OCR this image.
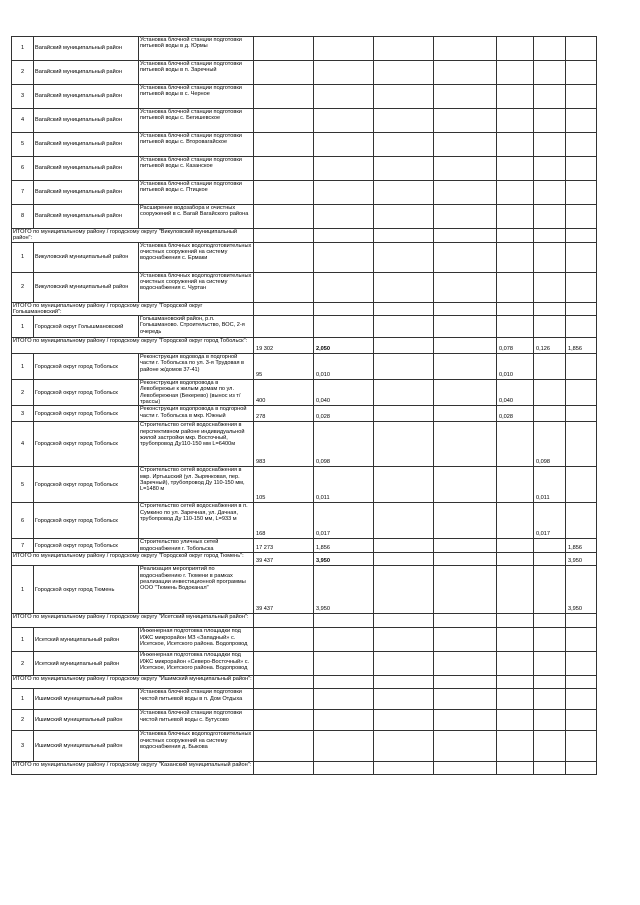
1	Вагайский муниципальный район	Установка блочной станции подготовки питьевой воды в д. Юрмы							
2	Вагайский муниципальный район	Установка блочной станции подготовки питьевой воды в п. Заречный							
3	Вагайский муниципальный район	Установка блочной станции подготовки питьевой воды в с. Черное							
4	Вагайский муниципальный район	Установка блочной станции подготовки питьевой воды с. Бегишевское							
5	Вагайский муниципальный район	Установка блочной станции подготовки питьевой воды с. Второвагайское							
6	Вагайский муниципальный район	Установка блочной станции подготовки питьевой воды с. Казанское							
7	Вагайский муниципальный район	Установка блочной станции подготовки питьевой воды с. Птицкое							
8	Вагайский муниципальный район	Расширение водозабора и очистных сооружений в с. Вагай Вагайского района							
ИТОГО по муниципальному району / городскому округу "Викуловский муниципальный район":									
1	Викуловский муниципальный район	Установка блочных водоподготовительных очистных сооружений на систему водоснабжения с. Ермаки							
2	Викуловский муниципальный район	Установка блочных водоподготовительных очистных сооружений на систему водоснабжения с. Чуртан							
ИТОГО по муниципальному району / городскому округу "Городской округ Голышмановский":									
1	Городской округ Голышмановский	Голышмановский район, р.п. Голышманово. Строительство, ВОС, 2-я очередь							
ИТОГО по муниципальному району / городскому округу "Городской округ город Тобольск":			19 302	2,050			0,078	0,126	1,856
1	Городской округ город Тобольск	Реконструкция водовода в подгорной части г. Тобольска по ул. 3-я Трудовая в районе ж/домов 37-41)	95	0,010			0,010		
2	Городской округ город Тобольск	Реконструкция водопровода в Левобережье к жилым домам по ул. Левобережная (Бекерево) (вынос из т/трассы)	400	0,040			0,040		
3	Городской округ город Тобольск	Реконструкция водопровода в подгорной части г. Тобольска в мкр. Южный	278	0,028			0,028		
4	Городской округ город Тобольск	Строительство сетей водоснабжения в перспективном районе индивидуальной жилой застройки мкр. Восточный, трубопровод Ду110-150 мм L=6400м	983	0,098				0,098	
5	Городской округ город Тобольск	Строительство сетей водоснабжения в мкр. Иртышский (ул. Зырянковая, пер. Заречный), трубопровод Ду 110-150 мм, L=1480 м	105	0,011				0,011	
6	Городской округ город Тобольск	Строительство сетей водоснабжения в п. Сумкино по ул. Заречная, ул. Дачная, трубопровод Ду 110-150 мм, L=933 м	168	0,017				0,017	
7	Городской округ город Тобольск	Строительство уличных сетей водоснабжения г. Тобольска	17 273	1,856					1,856
ИТОГО по муниципальному району / городскому округу "Городской округ город Тюмень":			39 437	3,950					3,950
1	Городской округ город Тюмень	Реализация мероприятий по водоснабжению г. Тюмени в рамках реализации инвестиционной программы ООО "Тюмень Водоканал"	39 437	3,950					3,950
ИТОГО по муниципальному району / городскому округу "Исетский муниципальный район":									
1	Исетский муниципальный район	Инженерная подготовка площадки под ИЖС микрорайон МЗ «Западный» с. Исетское, Исетского района. Водопровод							
2	Исетский муниципальный район	Инженерная подготовка площадки под ИЖС микрорайон «Северо-Восточный» с. Исетское, Исетского района. Водопровод							
ИТОГО по муниципальному району / городскому округу "Ишимский муниципальный район":									
1	Ишимский муниципальный район	Установка блочной станции подготовки чистой питьевой воды в п. Дом Отдыха							
2	Ишимский муниципальный район	Установка блочной станции подготовки чистой питьевой воды с. Бутусово							
3	Ишимский муниципальный район	Установка блочных водоподготовительных очистных сооружений на систему водоснабжения д. Быкова							
ИТОГО по муниципальному району / городскому округу "Казанский муниципальный район":									
